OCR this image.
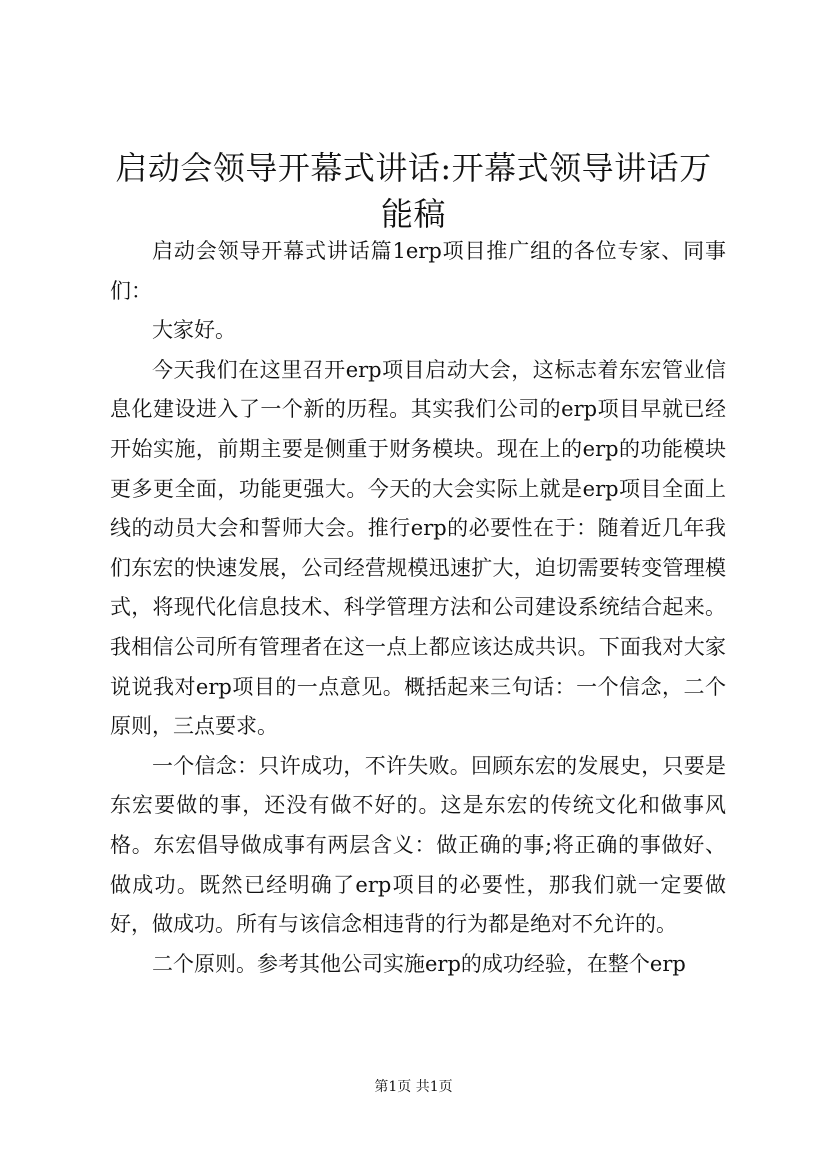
启动会领导开幕式讲话:开幕式领导讲话万能稿

启动会领导开幕式讲话篇1erp项目推广组的各位专家、同事们：

大家好。

今天我们在这里召开erp项目启动大会，这标志着东宏管业信息化建设进入了一个新的历程。其实我们公司的erp项目早就已经开始实施，前期主要是侧重于财务模块。现在上的erp的功能模块更多更全面，功能更强大。今天的大会实际上就是erp项目全面上线的动员大会和誓师大会。推行erp的必要性在于：随着近几年我们东宏的快速发展，公司经营规模迅速扩大，迫切需要转变管理模式，将现代化信息技术、科学管理方法和公司建设系统结合起来。我相信公司所有管理者在这一点上都应该达成共识。下面我对大家说说我对erp项目的一点意见。概括起来三句话：一个信念，二个原则，三点要求。

一个信念：只许成功，不许失败。回顾东宏的发展史，只要是东宏要做的事，还没有做不好的。这是东宏的传统文化和做事风格。东宏倡导做成事有两层含义：做正确的事;将正确的事做好、做成功。既然已经明确了erp项目的必要性，那我们就一定要做好，做成功。所有与该信念相违背的行为都是绝对不允许的。

二个原则。参考其他公司实施erp的成功经验，在整个erp

第1页 共1页
